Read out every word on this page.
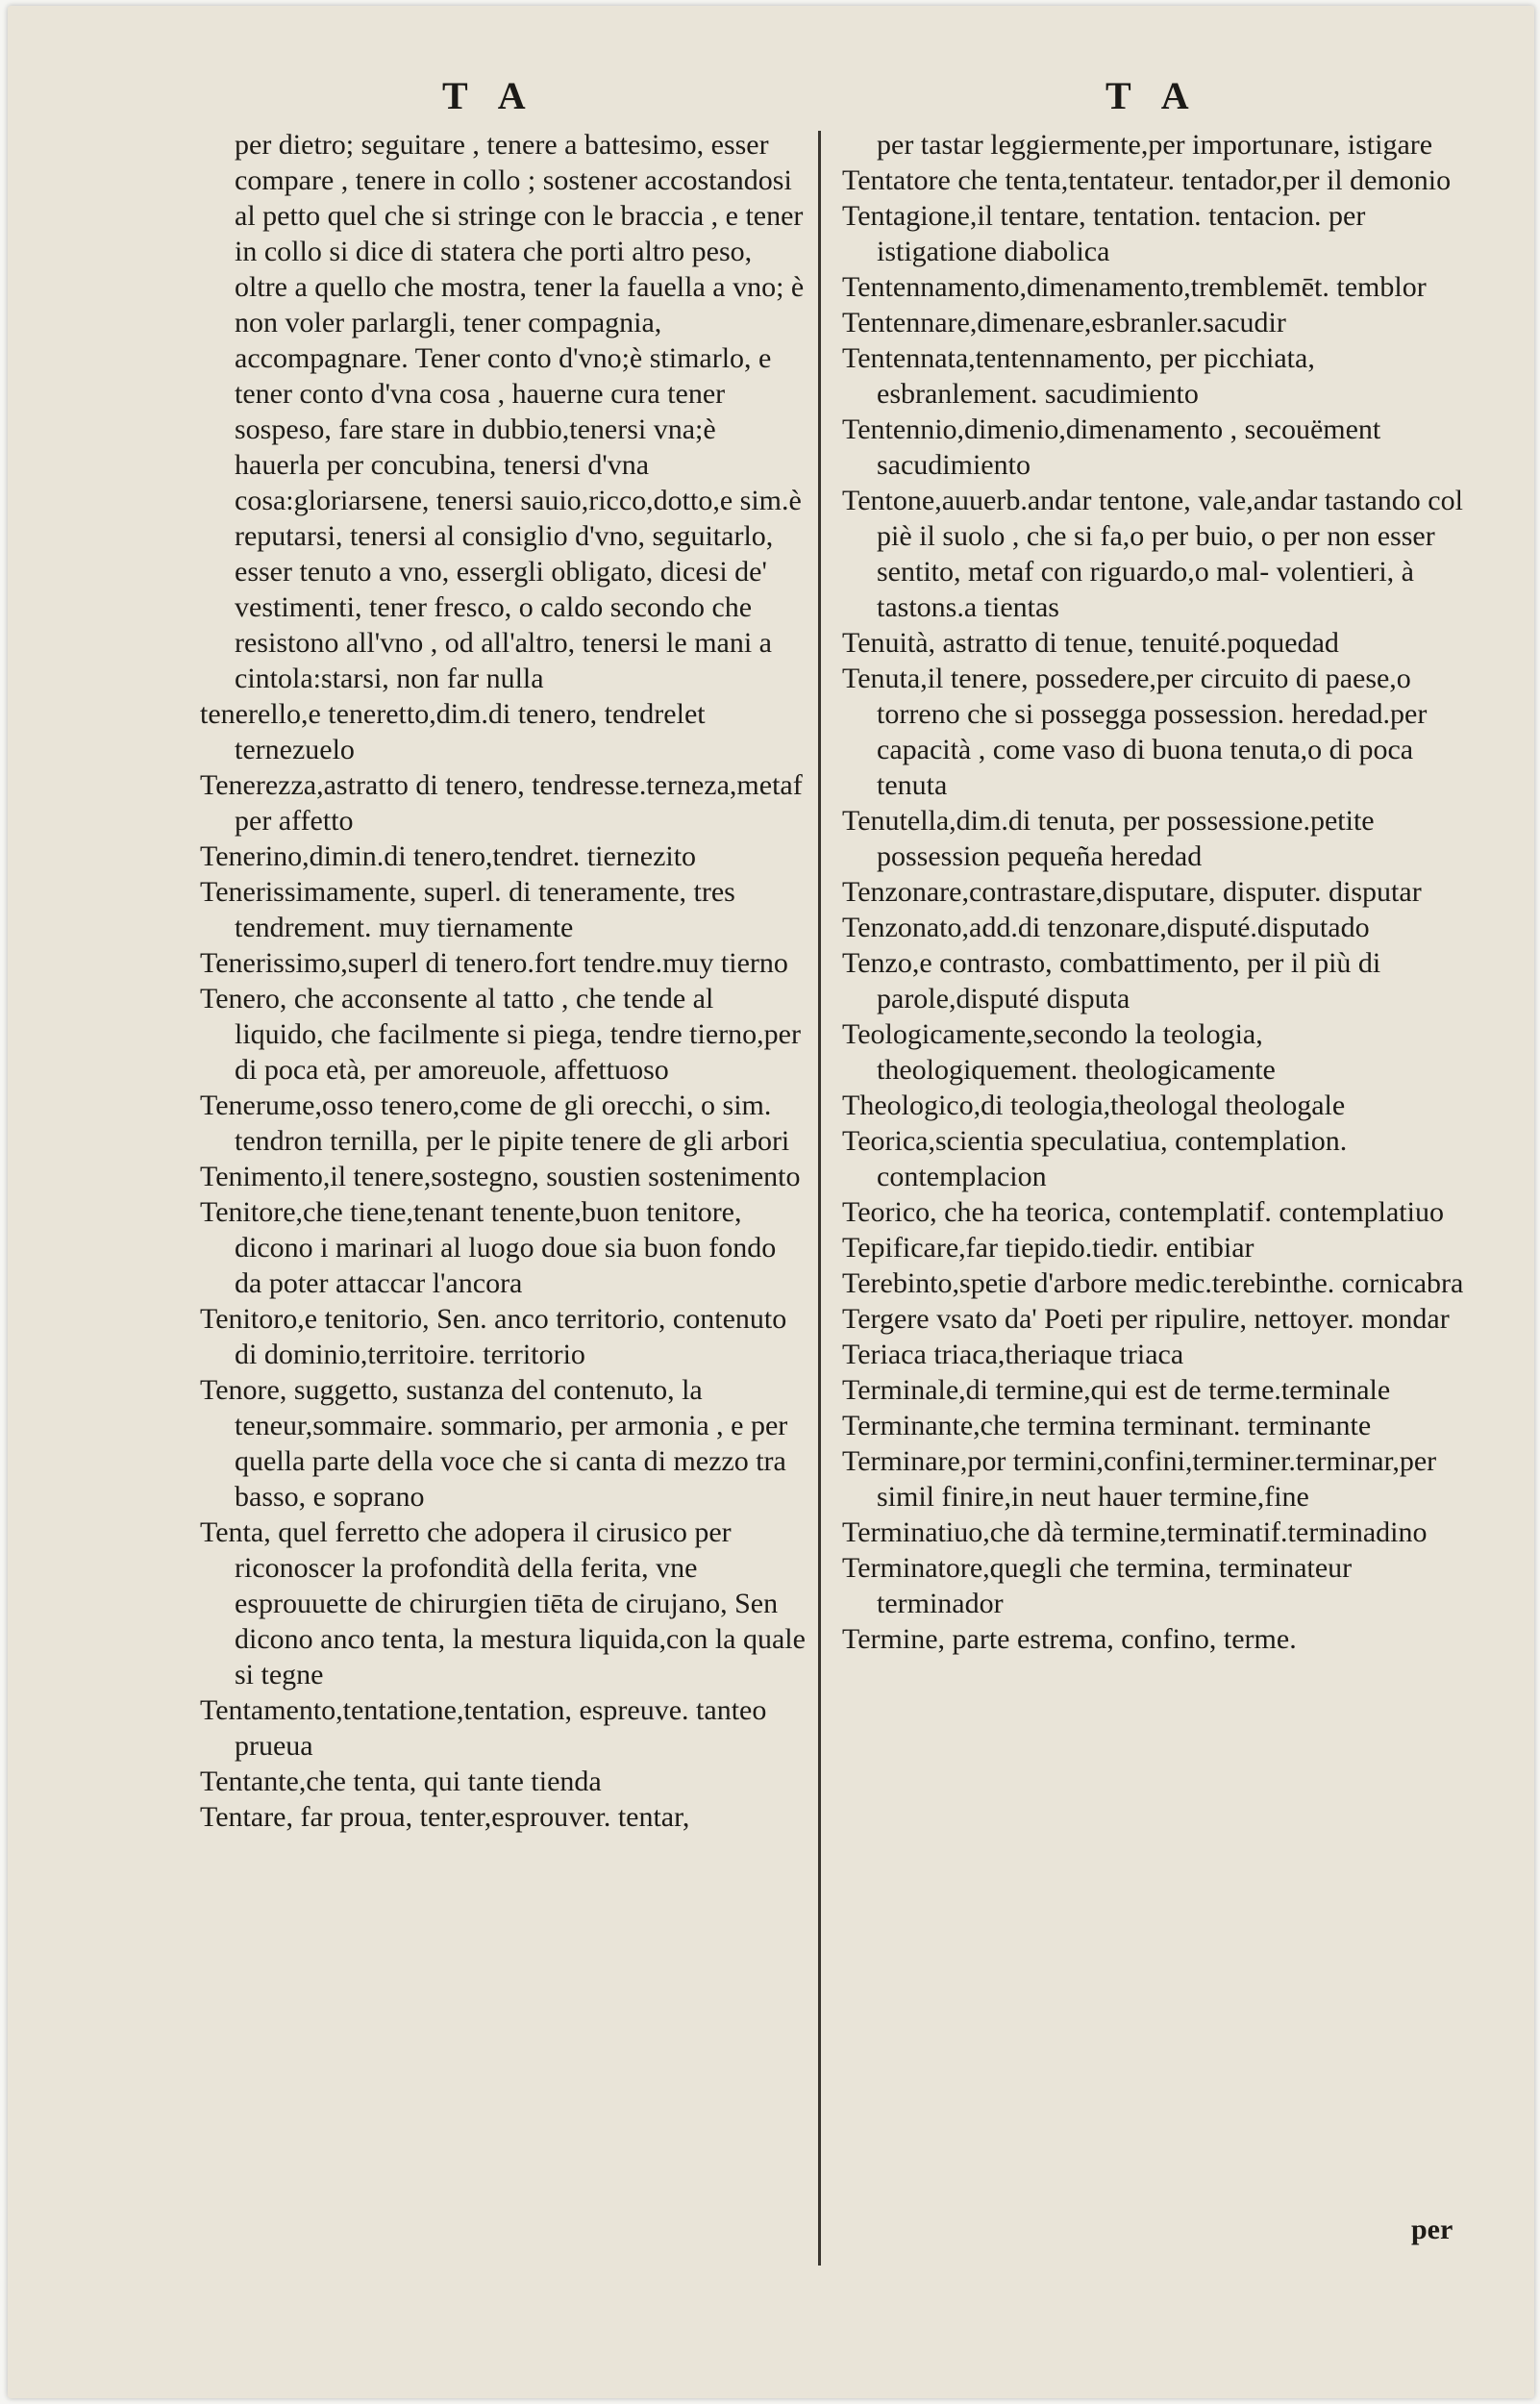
T A	T A

per dietro; seguitare , tenere a battesimo, esser compare , tenere in collo ; sostener accostandosi al petto quel che si stringe con le braccia , e tener in collo si dice di statera che porti altro peso, oltre a quello che mostra, tener la fauella a vno; è non voler parlargli, tener compagnia, accompagnare. Tener conto d'vno;è stimarlo, e tener conto d'vna cosa , hauerne cura tener sospeso, fare stare in dubbio,tenersi vna;è hauerla per concubina, tenersi d'vna cosa:gloriarsene, tenersi sauio,ricco,dotto,e sim.è reputarsi, tenersi al consiglio d'vno, seguitarlo, esser tenuto a vno, essergli obligato, dicesi de' vestimenti, tener fresco, o caldo secondo che resistono all'vno , od all'altro, tenersi le mani a cintola:starsi, non far nulla

tenerello,e teneretto,dim.di tenero, tendrelet ternezuelo

Tenerezza,astratto di tenero, tendresse.terneza,metaf per affetto

Tenerino,dimin.di tenero,tendret. tiernezito

Tenerissimamente, superl. di teneramente, tres tendrement. muy tiernamente

Tenerissimo,superl di tenero.fort tendre.muy tierno

Tenero, che acconsente al tatto , che tende al liquido, che facilmente si piega, tendre tierno,per di poca età, per amoreuole, affettuoso

Tenerume,osso tenero,come de gli orecchi, o sim. tendron ternilla, per le pipite tenere de gli arbori

Tenimento,il tenere,sostegno, soustien sostenimento

Tenitore,che tiene,tenant tenente,buon tenitore, dicono i marinari al luogo doue sia buon fondo da poter attaccar l'ancora

Tenitoro,e tenitorio, Sen. anco territorio, contenuto di dominio,territoire. territorio

Tenore, suggetto, sustanza del contenuto, la teneur,sommaire. sommario, per armonia , e per quella parte della voce che si canta di mezzo tra basso, e soprano

Tenta, quel ferretto che adopera il cirusico per riconoscer la profondità della ferita, vne esprouuette de chirurgien tiēta de cirujano, Sen dicono anco tenta, la mestura liquida,con la quale si tegne

Tentamento,tentatione,tentation, espreuve. tanteo prueua

Tentante,che tenta, qui tante tienda

Tentare, far proua, tenter,esprouver. tentar,

per tastar leggiermente,per importunare, istigare

Tentatore che tenta,tentateur. tentador,per il demonio

Tentagione,il tentare, tentation. tentacion. per istigatione diabolica

Tentennamento,dimenamento,tremblemēt. temblor

Tentennare,dimenare,esbranler.sacudir

Tentennata,tentennamento, per picchiata, esbranlement. sacudimiento

Tentennio,dimenio,dimenamento , secouëment sacudimiento

Tentone,auuerb.andar tentone, vale,andar tastando col piè il suolo , che si fa,o per buio, o per non esser sentito, metaf con riguardo,o mal- volentieri, à tastons.a tientas

Tenuità, astratto di tenue, tenuité.poquedad

Tenuta,il tenere, possedere,per circuito di paese,o torreno che si possegga possession. heredad.per capacità , come vaso di buona tenuta,o di poca tenuta

Tenutella,dim.di tenuta, per possessione.petite possession pequeña heredad

Tenzonare,contrastare,disputare, disputer. disputar

Tenzonato,add.di tenzonare,disputé.disputado

Tenzo,e contrasto, combattimento, per il più di parole,disputé disputa

Teologicamente,secondo la teologia, theologiquement. theologicamente

Theologico,di teologia,theologal theologale

Teorica,scientia speculatiua, contemplation. contemplacion

Teorico, che ha teorica, contemplatif. contemplatiuo

Tepificare,far tiepido.tiedir. entibiar

Terebinto,spetie d'arbore medic.terebinthe. cornicabra

Tergere vsato da' Poeti per ripulire, nettoyer. mondar

Teriaca triaca,theriaque triaca

Terminale,di termine,qui est de terme.terminale

Terminante,che termina terminant. terminante

Terminare,por termini,confini,terminer.terminar,per simil finire,in neut hauer termine,fine

Terminatiuo,che dà termine,terminatif.terminadino

Terminatore,quegli che termina, terminateur terminador

Termine, parte estrema, confino, terme.

per
